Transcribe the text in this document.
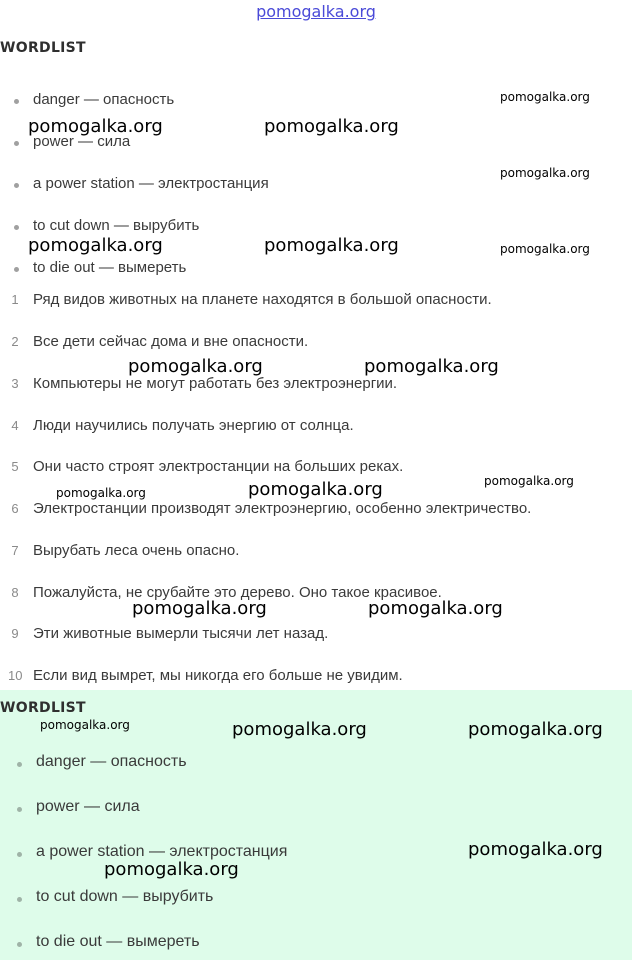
pomogalka.org
WORDLIST
danger — опасность
power — сила
a power station — электростанция
to cut down — вырубить
to die out — вымереть
1 Ряд видов животных на планете находятся в большой опасности.
2 Все дети сейчас дома и вне опасности.
3 Компьютеры не могут работать без электроэнергии.
4 Люди научились получать энергию от солнца.
5 Они часто строят электростанции на больших реках.
6 Электростанции производят электроэнергию, особенно электричество.
7 Вырубать леса очень опасно.
8 Пожалуйста, не срубайте это дерево. Оно такое красивое.
9 Эти животные вымерли тысячи лет назад.
10 Если вид вымрет, мы никогда его больше не увидим.
WORDLIST
danger — опасность
power — сила
a power station — электростанция
to cut down — вырубить
to die out — вымереть
pomogalka.org
pomogalka.org	pomogalka.org
pomogalka.org
pomogalka.org	pomogalka.org	pomogalka.org
pomogalka.org	pomogalka.org
pomogalka.org
pomogalka.org
pomogalka.org
pomogalka.org	pomogalka.org
pomogalka.org	pomogalka.org	pomogalka.org
pomogalka.org
pomogalka.org
